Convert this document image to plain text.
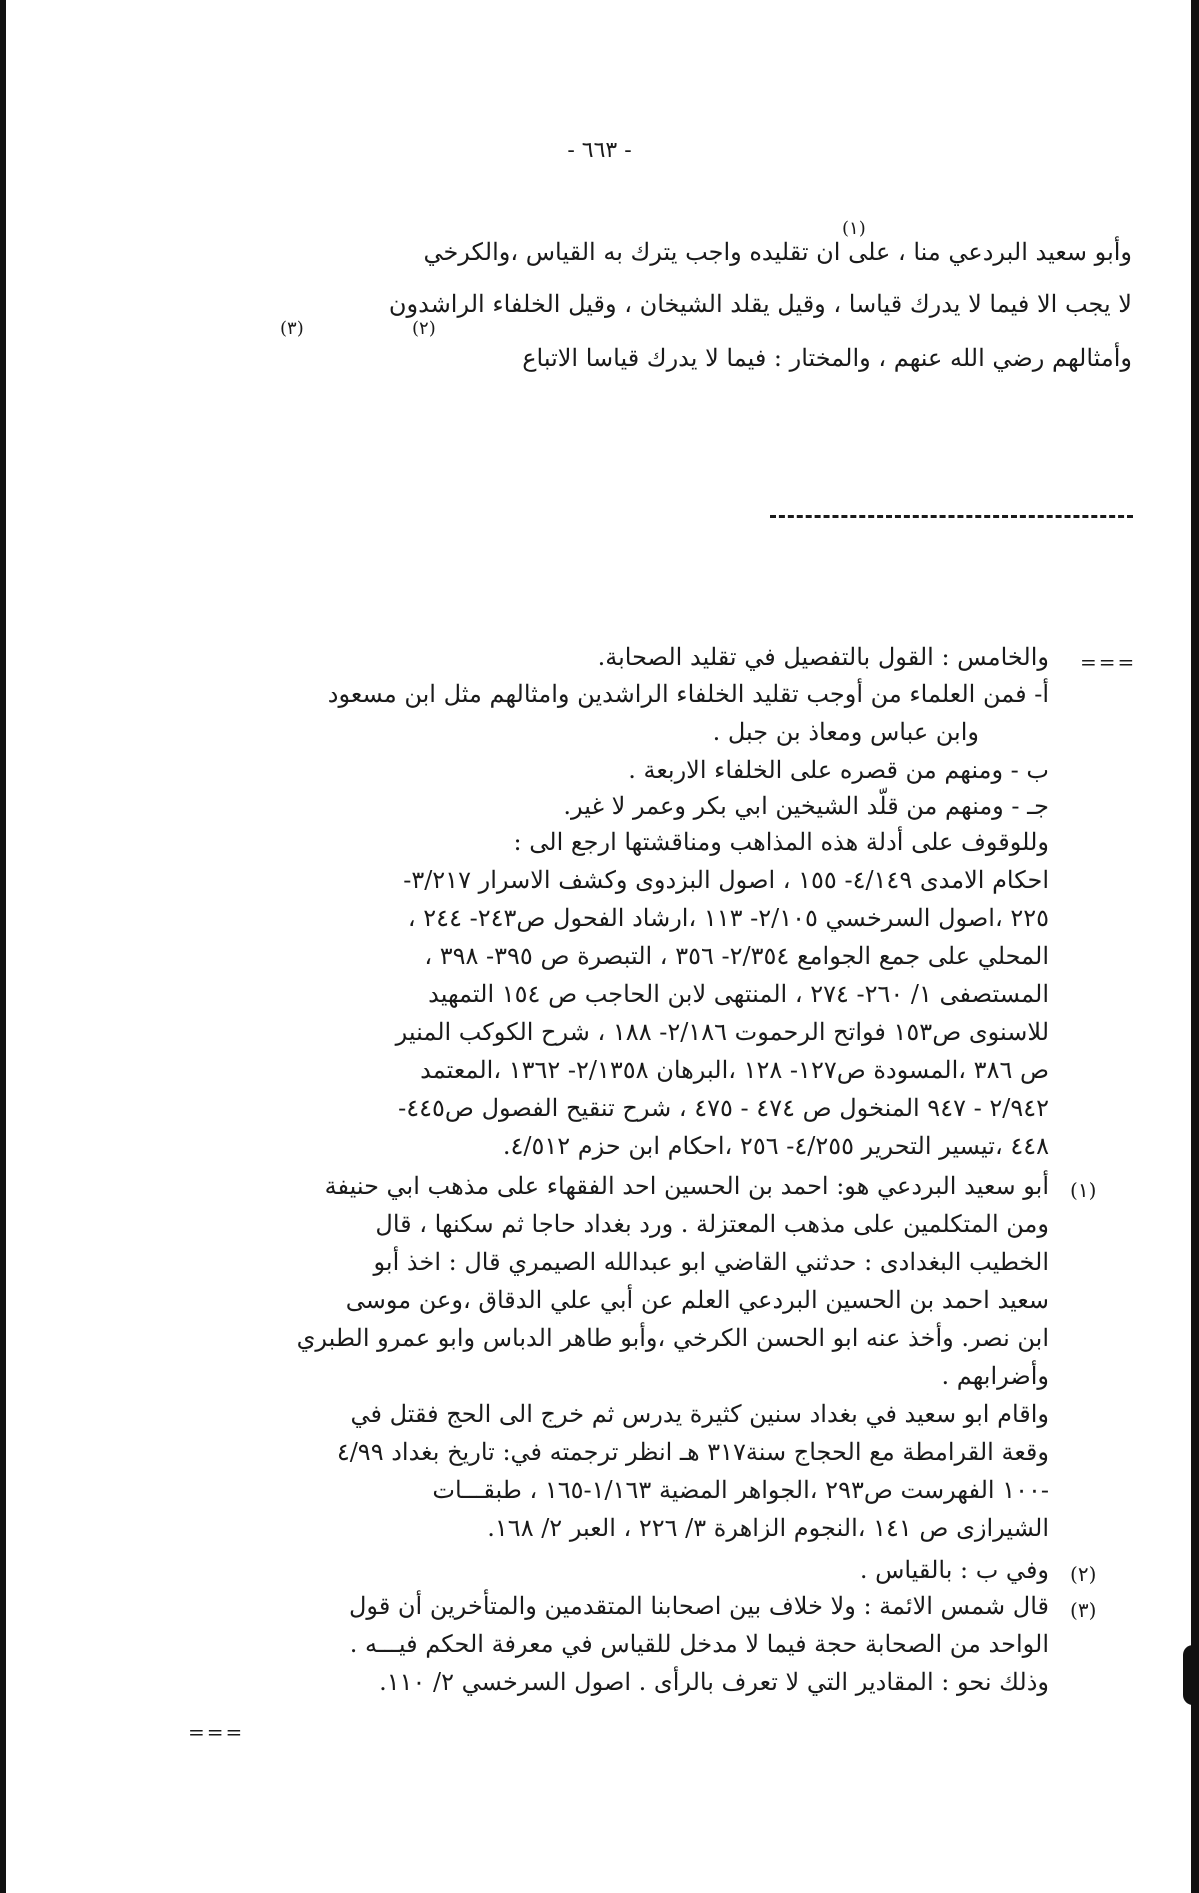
- ٦٦٣ -
وأبو سعيد البردعي منا ، على ان تقليده واجب يترك به القياس ،والكرخي
لا يجب الا فيما لا يدرك قياسا ، وقيل يقلد الشيخان ، وقيل الخلفاء الراشدون
وأمثالهم رضي الله عنهم ، والمختار : فيما لا يدرك قياسا الاتباع
(١)
(٢)
(٣)
===
والخامس : القول بالتفصيل في تقليد الصحابة.
أ- فمن العلماء من أوجب تقليد الخلفاء الراشدين وامثالهم مثل ابن مسعود
وابن عباس ومعاذ بن جبل .
ب - ومنهم من قصره على الخلفاء الاربعة .
جـ - ومنهم من قلّد الشيخين ابي بكر وعمر لا غير.
وللوقوف على أدلة هذه المذاهب ومناقشتها ارجع الى :
احكام الامدى ٤/١٤٩- ١٥٥ ، اصول البزدوى وكشف الاسرار ٣/٢١٧-
٢٢٥ ،اصول السرخسي ٢/١٠٥- ١١٣ ،ارشاد الفحول ص٢٤٣- ٢٤٤ ،
المحلي على جمع الجوامع ٢/٣٥٤- ٣٥٦ ، التبصرة ص ٣٩٥- ٣٩٨ ،
المستصفى ١/ ٢٦٠- ٢٧٤ ، المنتهى لابن الحاجب ص ١٥٤ التمهيد
للاسنوى ص١٥٣ فواتح الرحموت ٢/١٨٦- ١٨٨ ، شرح الكوكب المنير
ص ٣٨٦ ،المسودة ص١٢٧- ١٢٨ ،البرهان ٢/١٣٥٨- ١٣٦٢ ،المعتمد
٢/٩٤٢ - ٩٤٧ المنخول ص ٤٧٤ - ٤٧٥ ، شرح تنقيح الفصول ص٤٤٥-
٤٤٨ ،تيسير التحرير ٤/٢٥٥- ٢٥٦ ،احكام ابن حزم ٤/٥١٢.
(١)
أبو سعيد البردعي هو: احمد بن الحسين احد الفقهاء على مذهب ابي حنيفة
ومن المتكلمين على مذهب المعتزلة . ورد بغداد حاجا ثم سكنها ، قال
الخطيب البغدادى : حدثني القاضي ابو عبدالله الصيمري قال : اخذ أبو
سعيد احمد بن الحسين البردعي العلم عن أبي علي الدقاق ،وعن موسى
ابن نصر. وأخذ عنه ابو الحسن الكرخي ،وأبو طاهر الدباس وابو عمرو الطبري
وأضرابهم .
واقام ابو سعيد في بغداد سنين كثيرة يدرس ثم خرج الى الحج فقتل في
وقعة القرامطة مع الحجاج سنة٣١٧ هـ انظر ترجمته في: تاريخ بغداد ٤/٩٩
-١٠٠ الفهرست ص٢٩٣ ،الجواهر المضية ١/١٦٣-١٦٥ ، طبقـــات
الشيرازى ص ١٤١ ،النجوم الزاهرة ٣/ ٢٢٦ ، العبر ٢/ ١٦٨.
(٢)
وفي ب : بالقياس .
(٣)
قال شمس الائمة : ولا خلاف بين اصحابنا المتقدمين والمتأخرين أن قول
الواحد من الصحابة حجة فيما لا مدخل للقياس في معرفة الحكم فيـــه .
وذلك نحو : المقادير التي لا تعرف بالرأى . اصول السرخسي ٢/ ١١٠.
===
